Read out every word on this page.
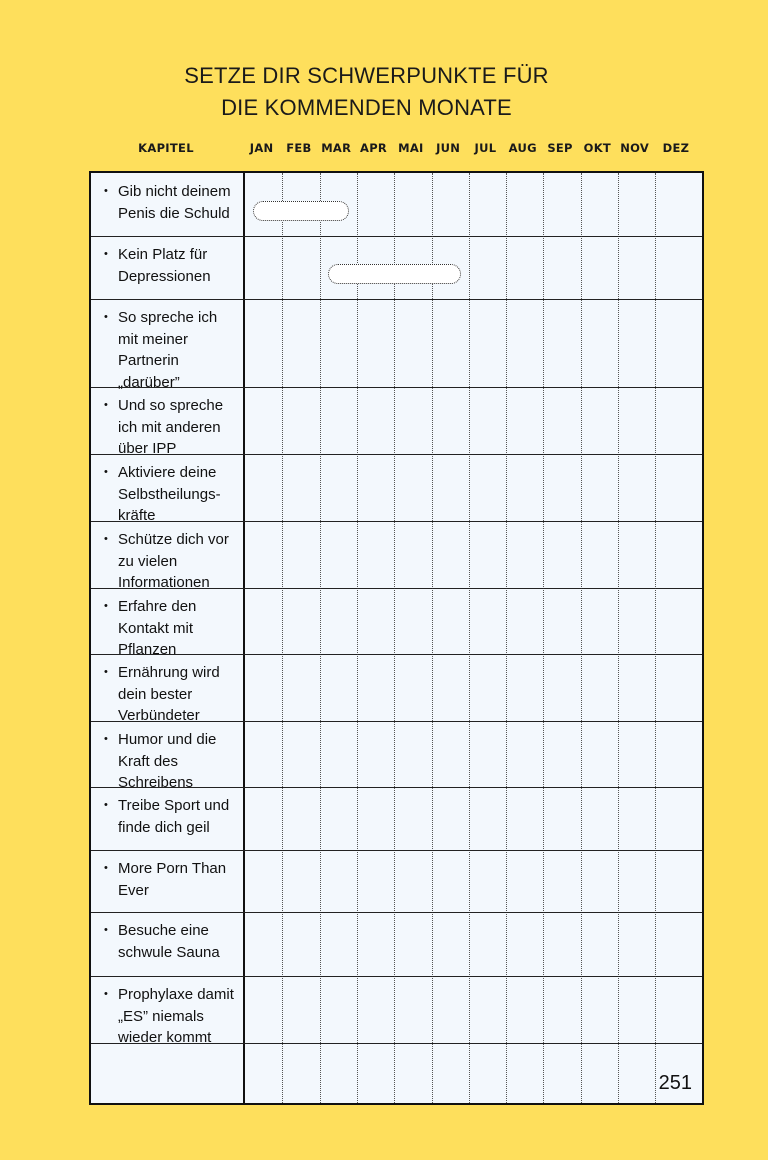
SETZE DIR SCHWERPUNKTE FÜR
DIE KOMMENDEN MONATE
KAPITEL	JAN	FEB MAR APR MAI	JUN	JUL	AUG SEP OKT NOV	DEZ
251
• Gib nicht deinem
Penis die Schuld
• Kein Platz für
Depressionen
• So spreche ich
mit meiner
Partnerin
„darüber”
• Und so spreche
ich mit anderen
über IPP
• Aktiviere deine
Selbstheilungs-
kräfte
• Schütze dich vor
zu vielen
Informationen
• Erfahre den
Kontakt mit
Pflanzen
• Ernährung wird
dein bester
Verbündeter
• Humor und die
Kraft des
Schreibens
• Treibe Sport und
finde dich geil
• More Porn Than
Ever
• Besuche eine
schwule Sauna
• Prophylaxe damit
„ES” niemals
wieder kommt
